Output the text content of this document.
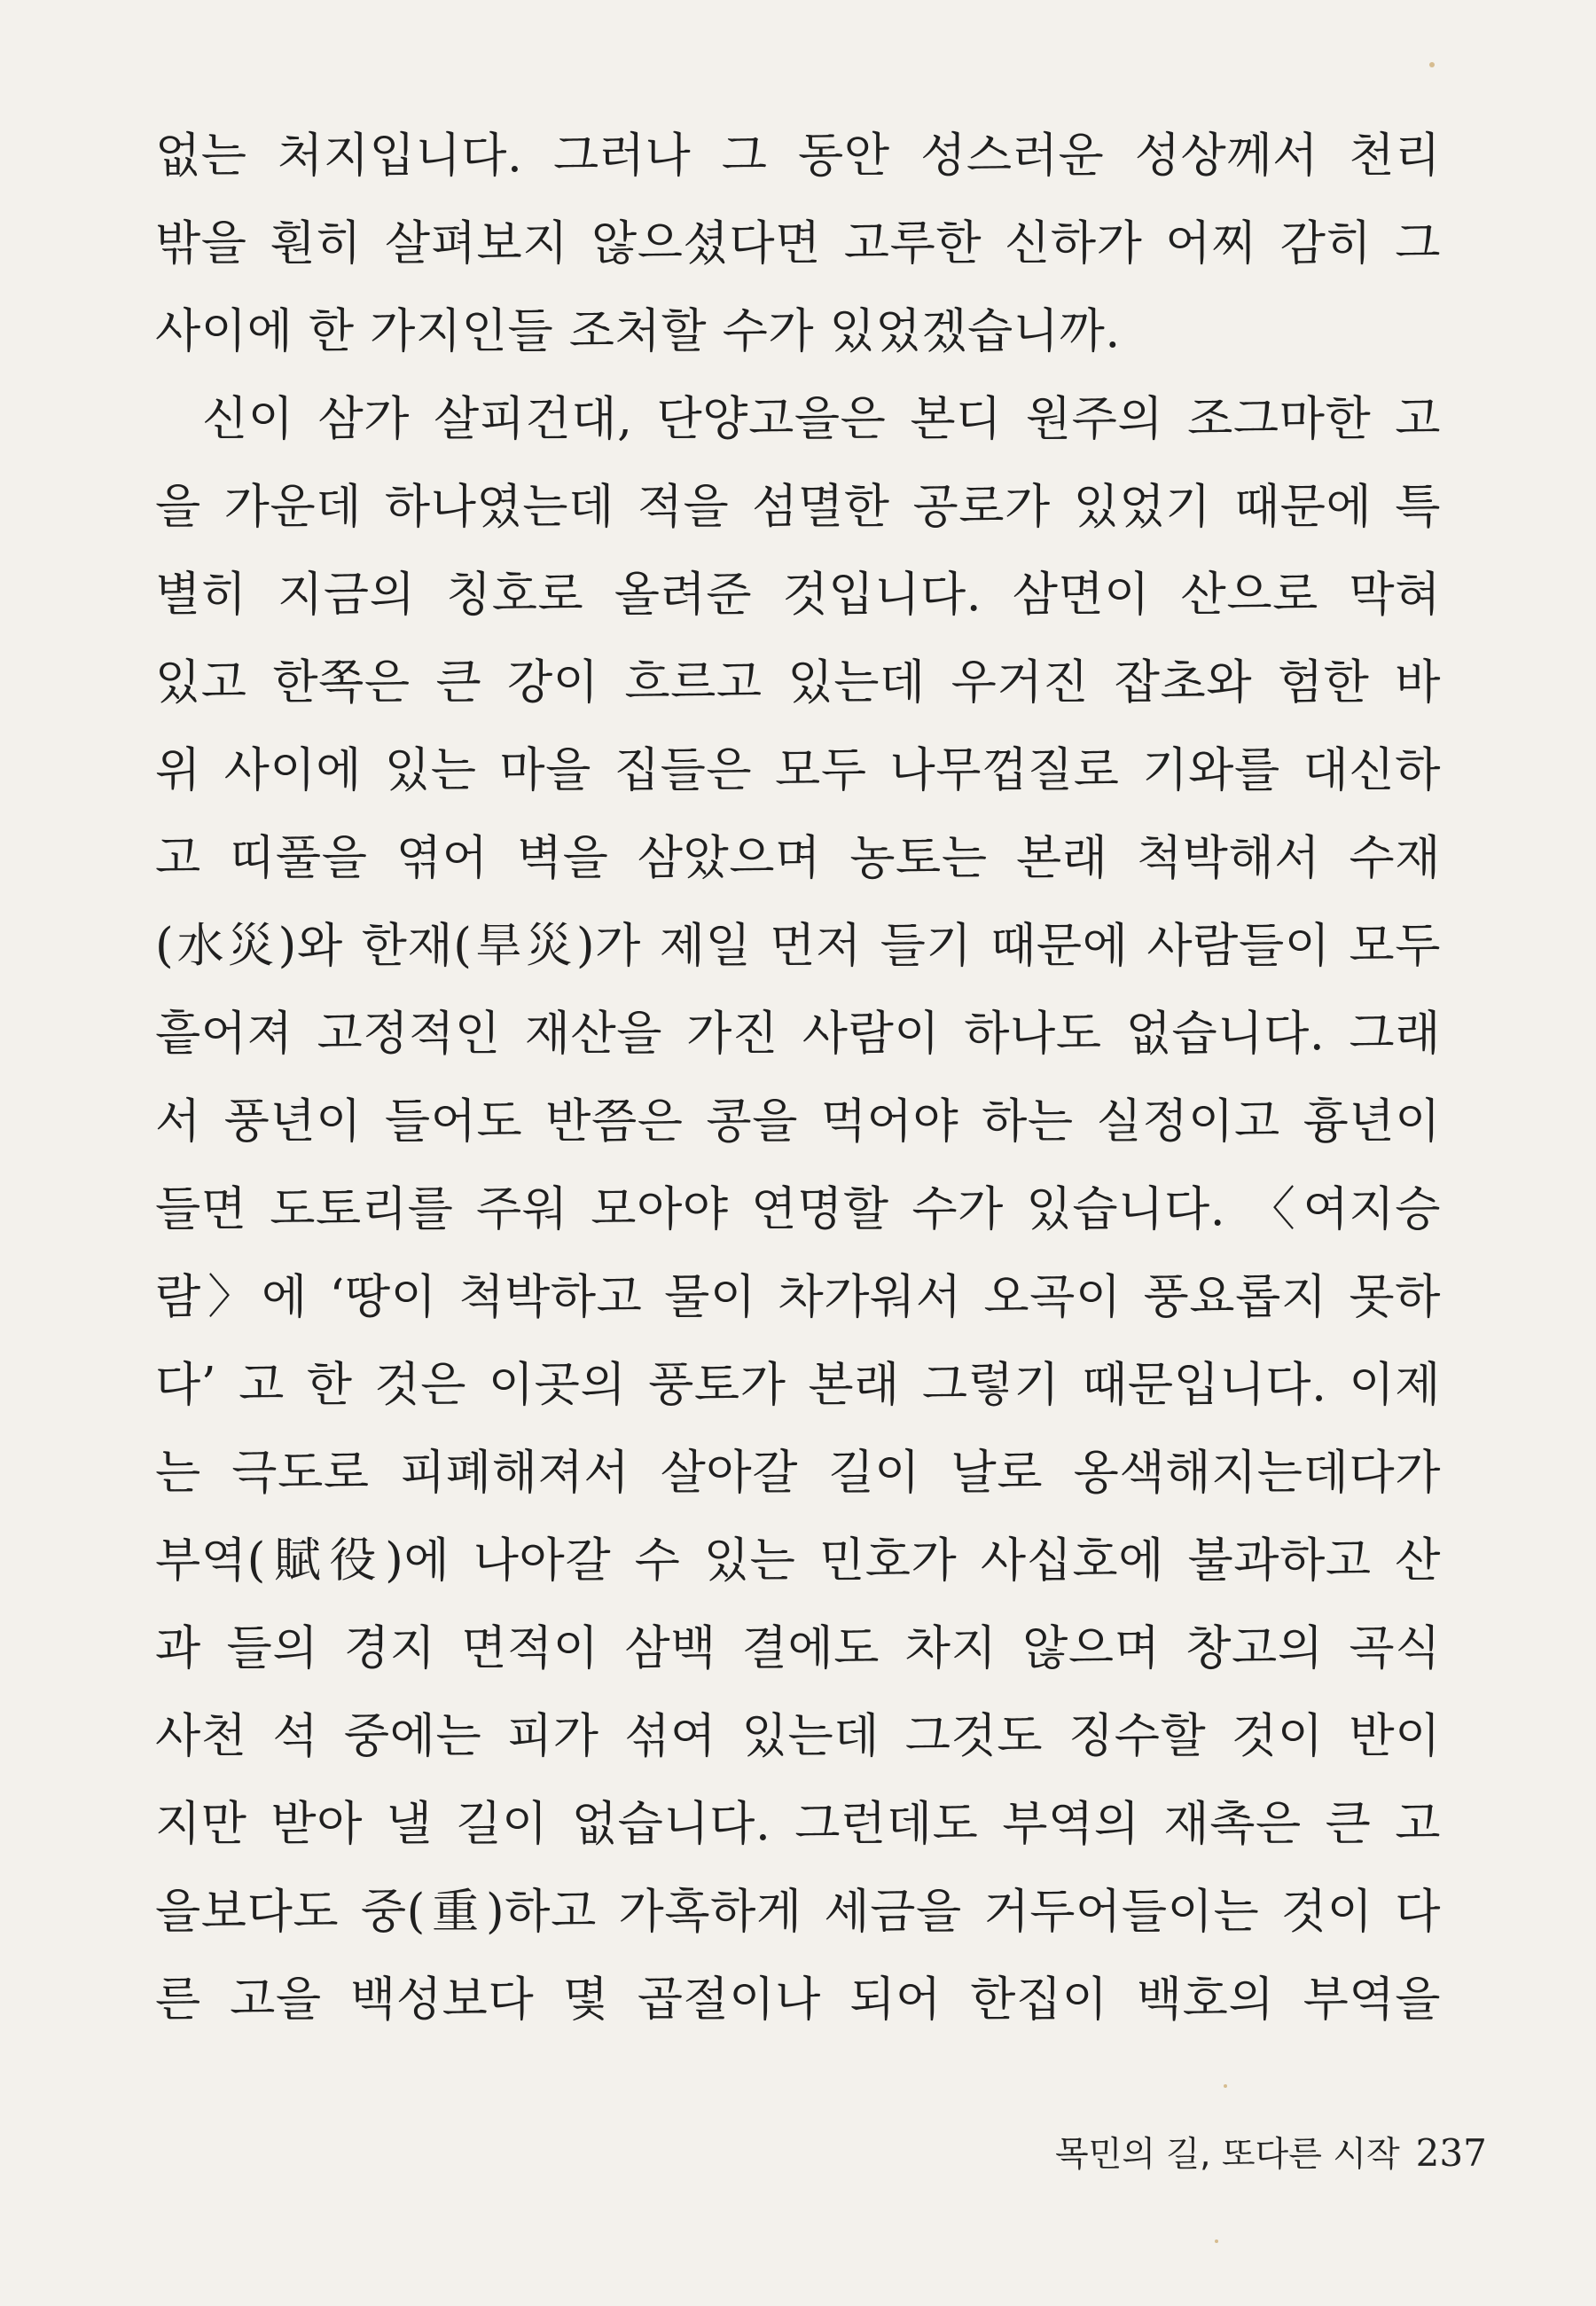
없는 처지입니다. 그러나 그 동안 성스러운 성상께서 천리
밖을 훤히 살펴보지 않으셨다면 고루한 신하가 어찌 감히 그
사이에 한 가지인들 조처할 수가 있었겠습니까.
신이 삼가 살피건대, 단양고을은 본디 원주의 조그마한 고
을 가운데 하나였는데 적을 섬멸한 공로가 있었기 때문에 특
별히 지금의 칭호로 올려준 것입니다. 삼면이 산으로 막혀
있고 한쪽은 큰 강이 흐르고 있는데 우거진 잡초와 험한 바
위 사이에 있는 마을 집들은 모두 나무껍질로 기와를 대신하
고 띠풀을 엮어 벽을 삼았으며 농토는 본래 척박해서 수재
(水災)와 한재(旱災)가 제일 먼저 들기 때문에 사람들이 모두
흩어져 고정적인 재산을 가진 사람이 하나도 없습니다. 그래
서 풍년이 들어도 반쯤은 콩을 먹어야 하는 실정이고 흉년이
들면 도토리를 주워 모아야 연명할 수가 있습니다. 〈여지승
람〉에 ‘땅이 척박하고 물이 차가워서 오곡이 풍요롭지 못하
다’ 고 한 것은 이곳의 풍토가 본래 그렇기 때문입니다. 이제
는 극도로 피폐해져서 살아갈 길이 날로 옹색해지는데다가
부역(賦役)에 나아갈 수 있는 민호가 사십호에 불과하고 산
과 들의 경지 면적이 삼백 결에도 차지 않으며 창고의 곡식
사천 석 중에는 피가 섞여 있는데 그것도 징수할 것이 반이
지만 받아 낼 길이 없습니다. 그런데도 부역의 재촉은 큰 고
을보다도 중(重)하고 가혹하게 세금을 거두어들이는 것이 다
른 고을 백성보다 몇 곱절이나 되어 한집이 백호의 부역을
목민의 길, 또다른 시작 237
